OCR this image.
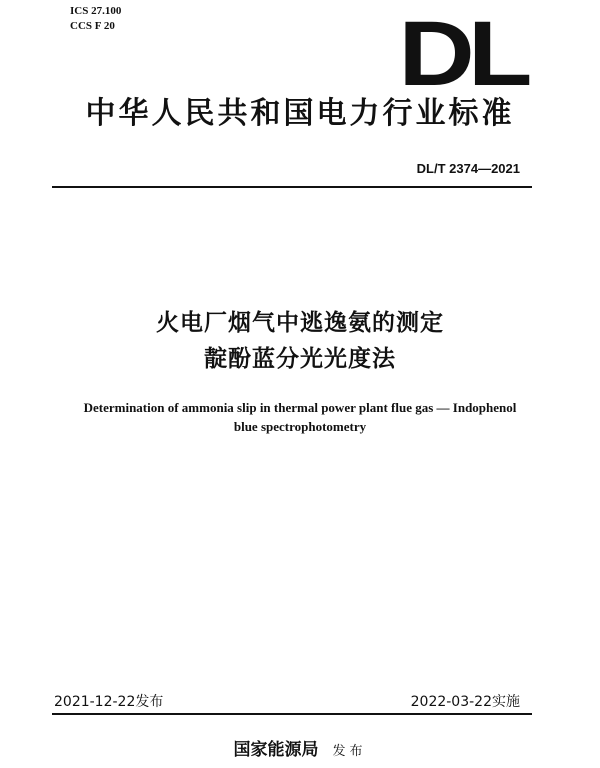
ICS 27.100
CCS F 20	DL
中华人民共和国电力行业标准
DL/T 2374—2021
火电厂烟气中逃逸氨的测定
靛酚蓝分光光度法
Determination of ammonia slip in thermal power plant flue gas — Indophenol
blue spectrophotometry
2021-12-22发布	2022-03-22实施
国家能源局 发布
